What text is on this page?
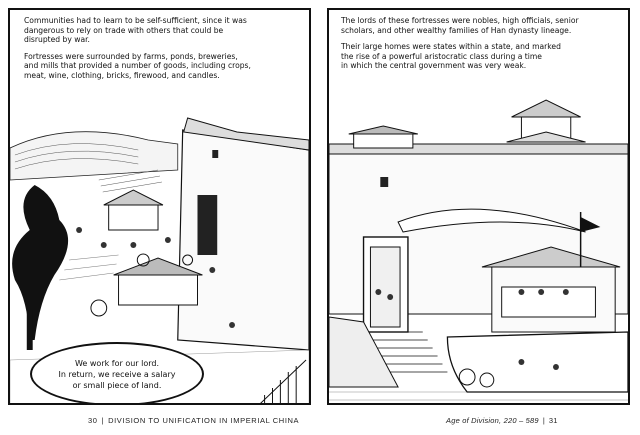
Communities had to learn to be self-sufficient, since it was
dangerous to rely on trade with others that could be
disrupted by war.

Fortresses were surrounded by farms, ponds, breweries,
and mills that provided a number of goods, including crops,
meat, wine, clothing, bricks, firewood, and candles.

We work for our lord.
In return, we receive a salary
or small piece of land.

The lords of these fortresses were nobles, high officials, senior
scholars, and other wealthy families of Han dynasty lineage.

Their large homes were states within a state, and marked
the rise of a powerful aristocratic class during a time
in which the central government was very weak.

30 | DIVISION TO UNIFICATION IN IMPERIAL CHINA	Age of Division, 220 – 589 | 31
